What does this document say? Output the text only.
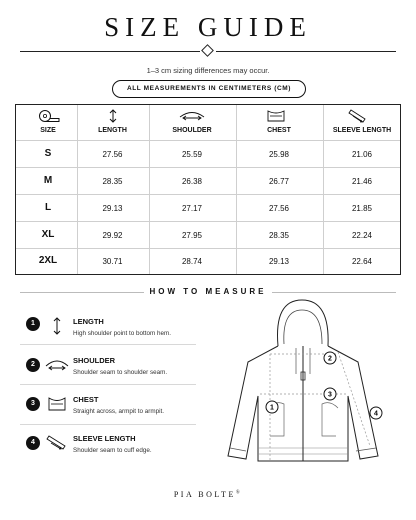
SIZE GUIDE
1–3 cm sizing differences may occur.
ALL MEASUREMENTS IN CENTIMETERS (CM)
SIZE	LENGTH	SHOULDER	CHEST	SLEEVE LENGTH
S	27.56	25.59	25.98	21.06
M	28.35	26.38	26.77	21.46
L	29.13	27.17	27.56	21.85
XL	29.92	27.95	28.35	22.24
2XL	30.71	28.74	29.13	22.64
HOW TO MEASURE
1	LENGTH
High shoulder point to bottom hem.
2	SHOULDER
Shoulder seam to shoulder seam.
3	CHEST
Straight across, armpit to armpit.
4	SLEEVE LENGTH
Shoulder seam to cuff edge.
1
2
3
4
PIA BOLTE®
